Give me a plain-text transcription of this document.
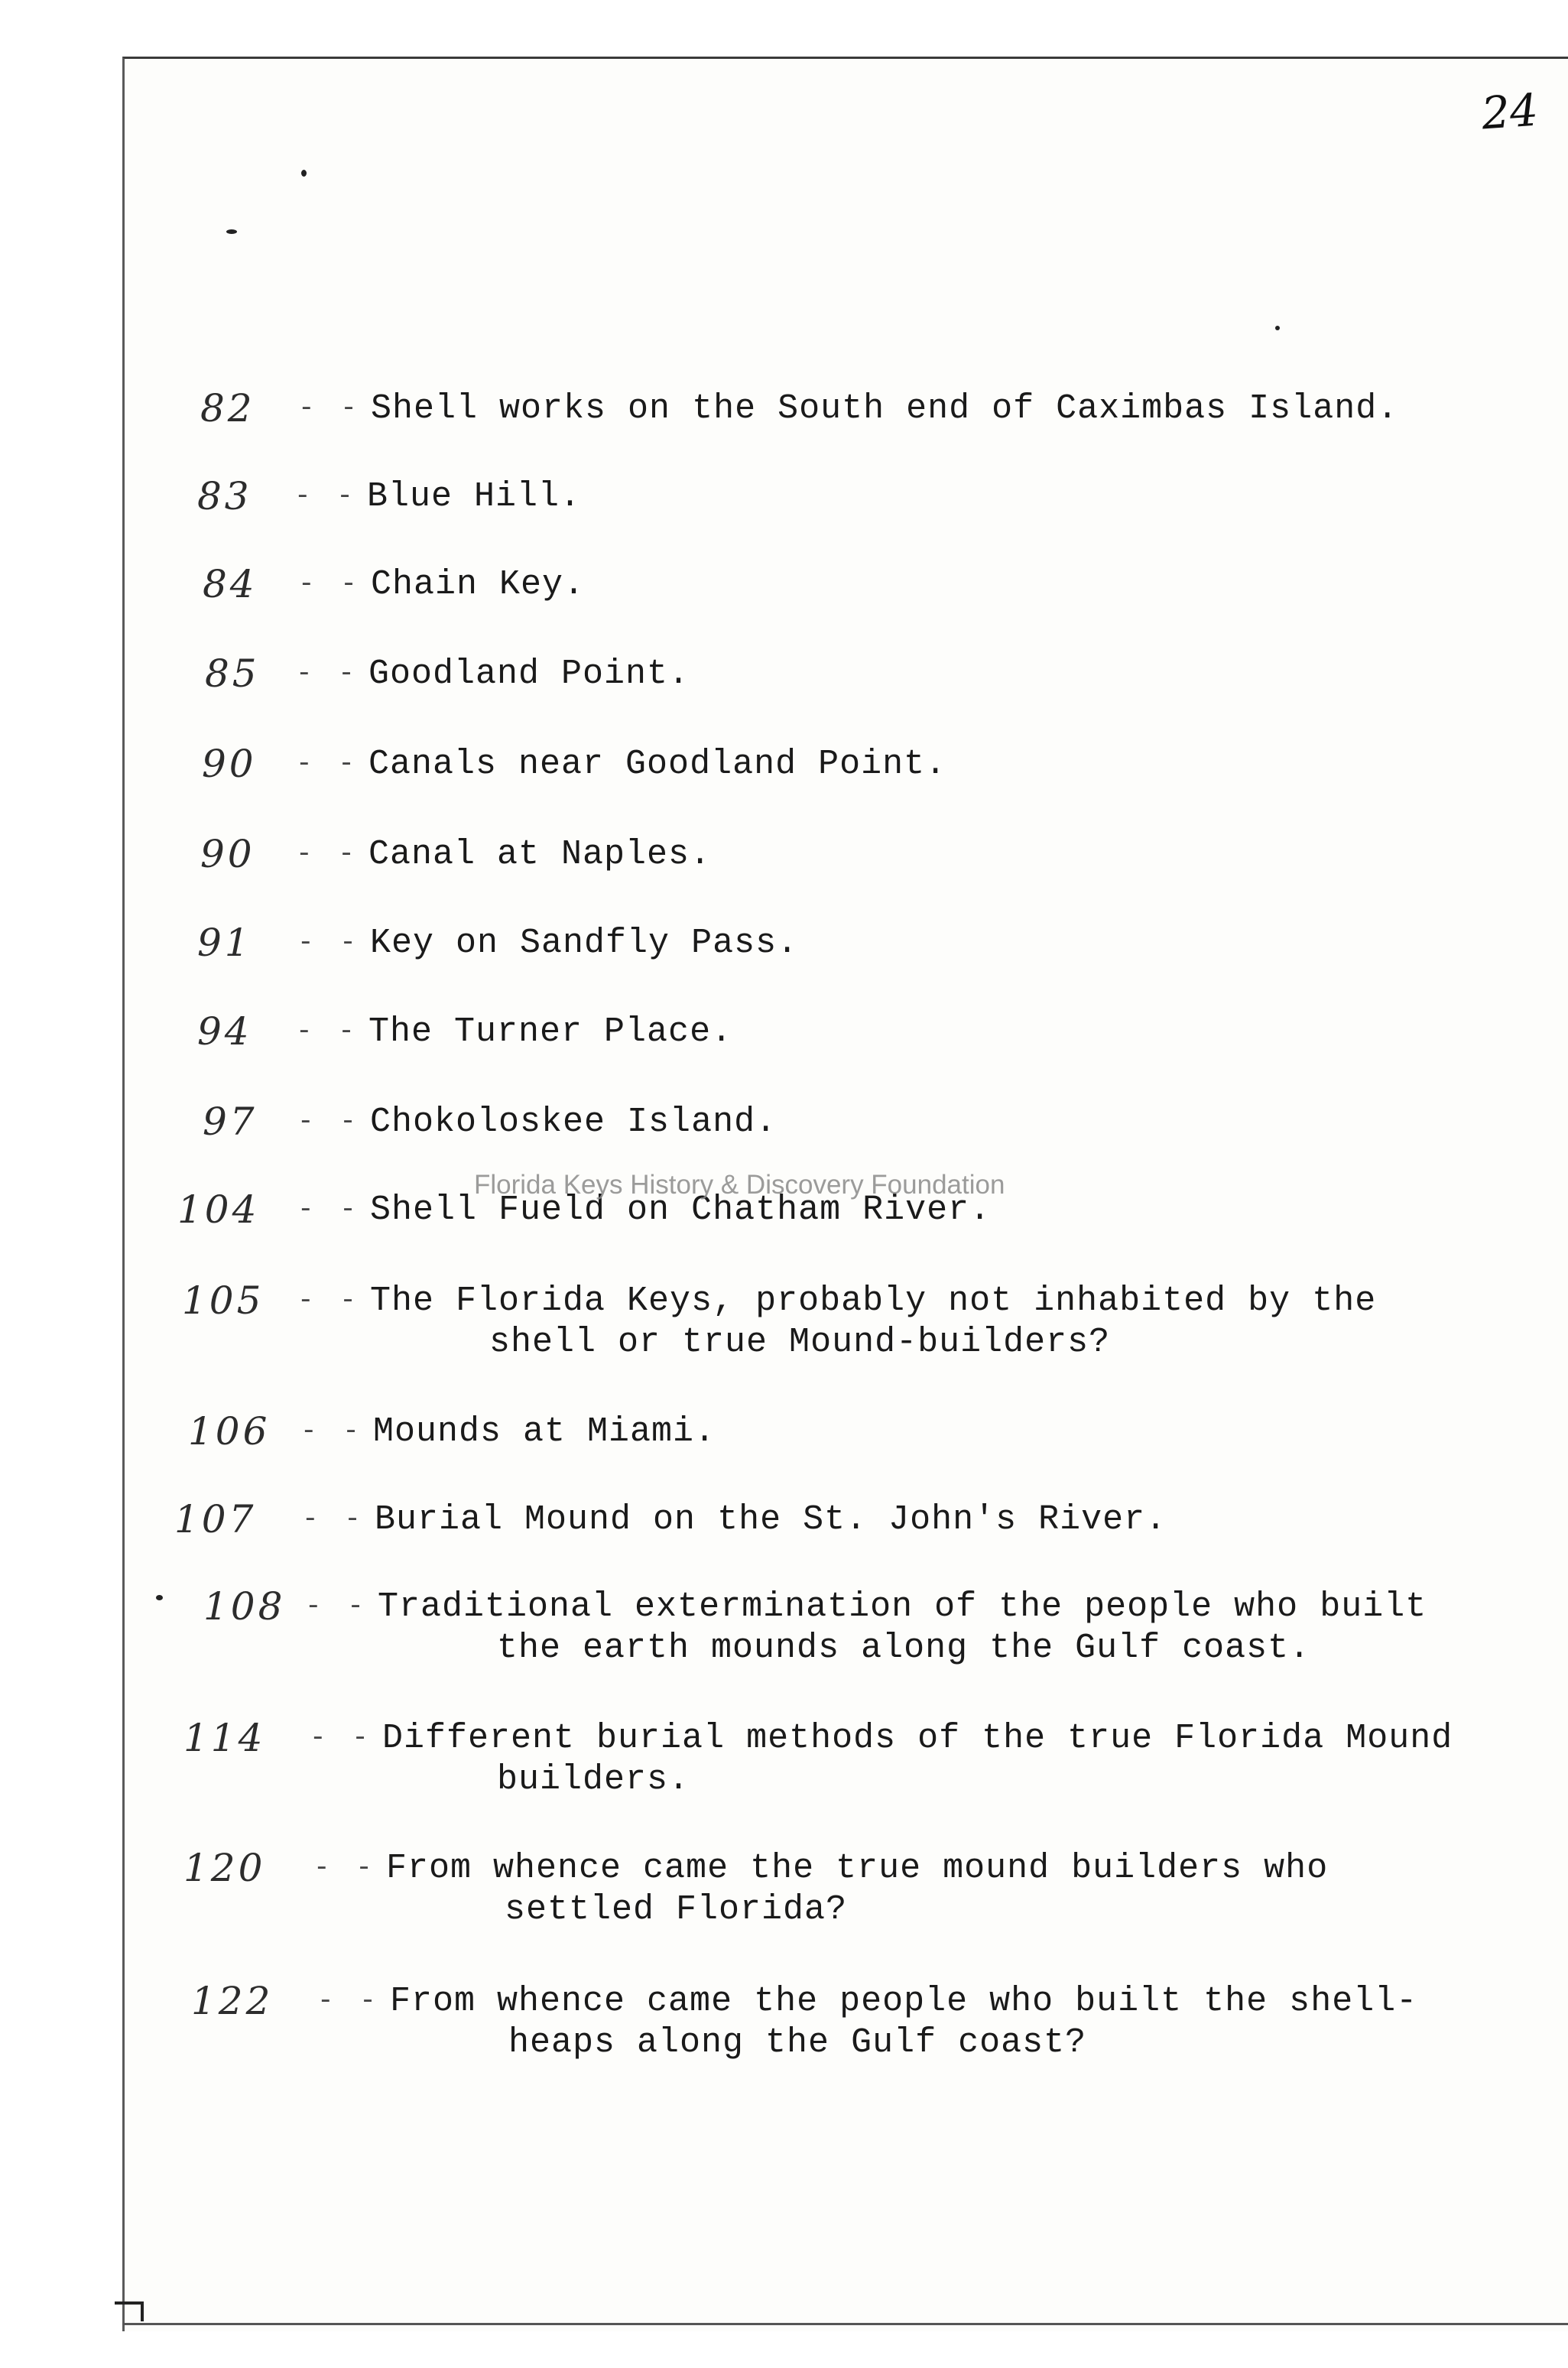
24
82 - - Shell works on the South end of Caximbas Island.
83 - - Blue Hill.
84 - - Chain Key.
85 - - Goodland Point.
90 - - Canals near Goodland Point.
90 - - Canal at Naples.
91 - - Key on Sandfly Pass.
94 - - The Turner Place.
97 - - Chokoloskee Island.
104 - - Shell Fueld on Chatham River.
105 - - The Florida Keys, probably not inhabited by the
shell or true Mound-builders?
106 - - Mounds at Miami.
107 - - Burial Mound on the St. John's River.
108 - - Traditional extermination of the people who built
the earth mounds along the Gulf coast.
114 - - Different burial methods of the true Florida Mound
builders.
120 - - From whence came the true mound builders who
settled Florida?
122 - - From whence came the people who built the shell-
heaps along the Gulf coast?
Florida Keys History & Discovery Foundation
